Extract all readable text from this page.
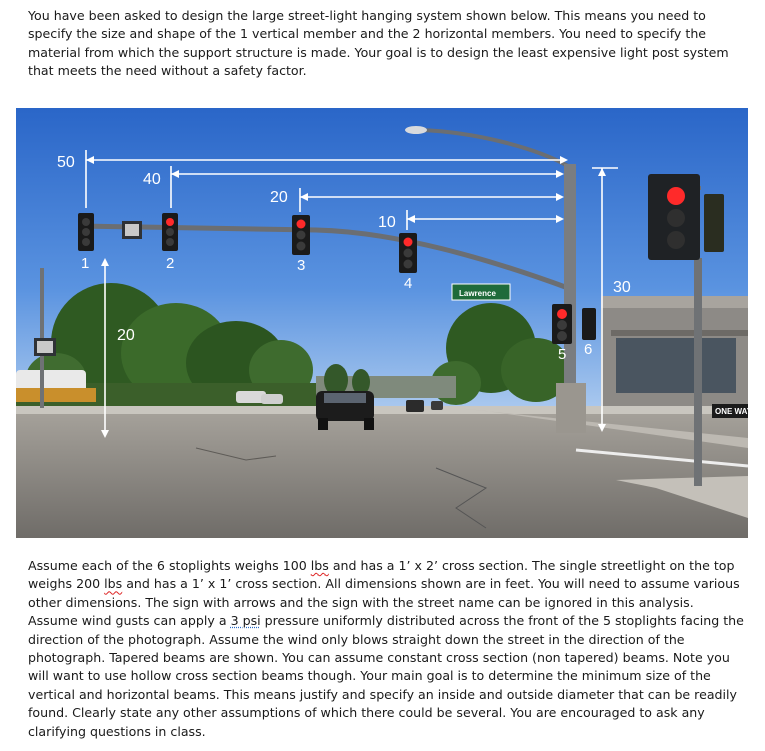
You have been asked to design the large street-light hanging system shown below. This means you need to specify the size and shape of the 1 vertical member and the 2 horizontal members. You need to specify the material from which the support structure is made. Your goal is to design the least expensive light post system that meets the need without a safety factor.

Lawrence
ONE WAY
50
40
20
10
30
20
1	2	3
4
5 6

Assume each of the 6 stoplights weighs 100 lbs and has a 1’ x 2’ cross section. The single streetlight on the top weighs 200 lbs and has a 1’ x 1’ cross section. All dimensions shown are in feet. You will need to assume various other dimensions. The sign with arrows and the sign with the street name can be ignored in this analysis. Assume wind gusts can apply a 3 psi pressure uniformly distributed across the front of the 5 stoplights facing the direction of the photograph. Assume the wind only blows straight down the street in the direction of the photograph. Tapered beams are shown. You can assume constant cross section (non tapered) beams. Note you will want to use hollow cross section beams though. Your main goal is to determine the minimum size of the vertical and horizontal beams. This means justify and specify an inside and outside diameter that can be readily found. Clearly state any other assumptions of which there could be several. You are encouraged to ask any clarifying questions in class.
